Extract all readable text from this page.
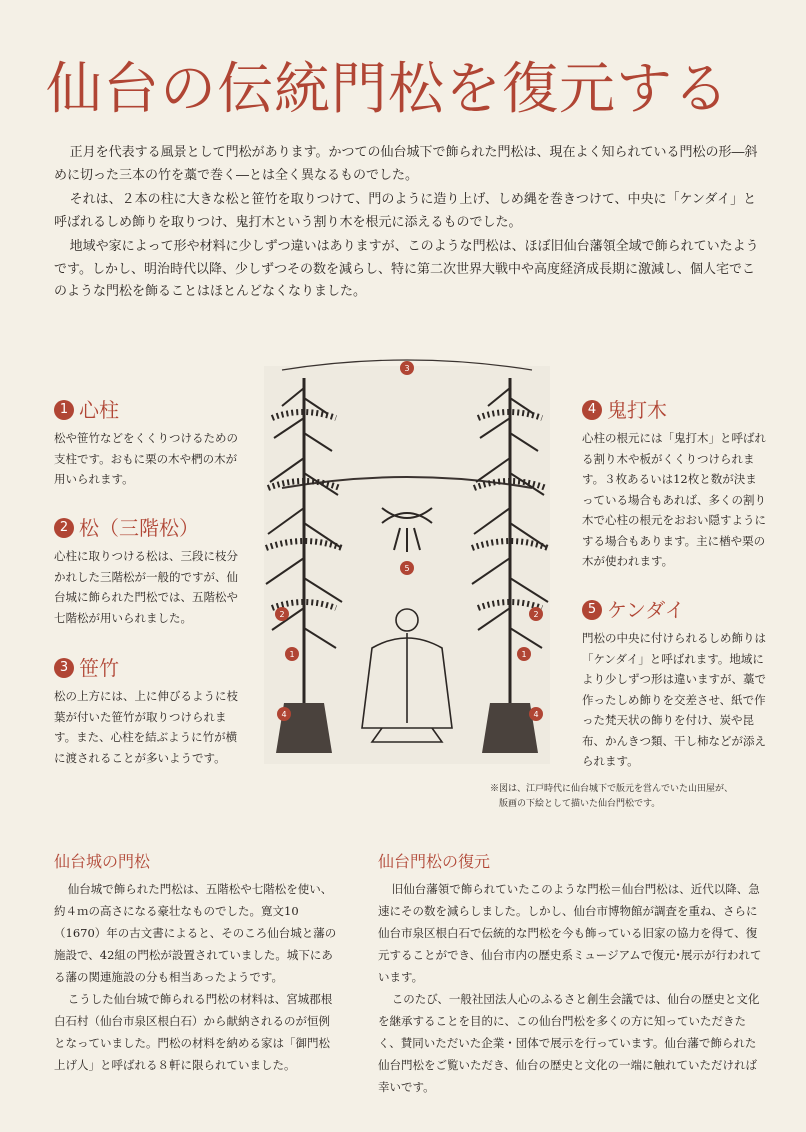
仙台の伝統門松を復元する

正月を代表する風景として門松があります。かつての仙台城下で飾られた門松は、現在よく知られている門松の形―斜めに切った三本の竹を藁で巻く―とは全く異なるものでした。

それは、２本の柱に大きな松と笹竹を取りつけて、門のように造り上げ、しめ縄を巻きつけて、中央に「ケンダイ」と呼ばれるしめ飾りを取りつけ、鬼打木という割り木を根元に添えるものでした。

地域や家によって形や材料に少しずつ違いはありますが、このような門松は、ほぼ旧仙台藩領全域で飾られていたようです。しかし、明治時代以降、少しずつその数を減らし、特に第二次世界大戦中や高度経済成長期に激減し、個人宅でこのような門松を飾ることはほとんどなくなりました。

1 心柱

松や笹竹などをくくりつけるための支柱です。おもに栗の木や椚の木が用いられます。

2 松（三階松）

心柱に取りつける松は、三段に枝分かれした三階松が一般的ですが、仙台城に飾られた門松では、五階松や七階松が用いられました。

3 笹竹

松の上方には、上に伸びるように枝葉が付いた笹竹が取りつけられます。また、心柱を結ぶように竹が横に渡されることが多いようです。

4 鬼打木

心柱の根元には「鬼打木」と呼ばれる割り木や板がくくりつけられます。３枚あるいは12枚と数が決まっている場合もあれば、多くの割り木で心柱の根元をおおい隠すようにする場合もあります。主に楢や栗の木が使われます。

5 ケンダイ

門松の中央に付けられるしめ飾りは「ケンダイ」と呼ばれます。地域により少しずつ形は違いますが、藁で作ったしめ飾りを交差させ、紙で作った梵天状の飾りを付け、炭や昆布、かんきつ類、干し柿などが添えられます。

3
5
2	2
1	1
4	4

※図は、江戸時代に仙台城下で版元を営んでいた山田屋が、

版画の下絵として描いた仙台門松です。

仙台城の門松

仙台城で飾られた門松は、五階松や七階松を使い、約４ｍの高さになる豪壮なものでした。寛文10（1670）年の古文書によると、そのころ仙台城と藩の施設で、42組の門松が設置されていました。城下にある藩の関連施設の分も相当あったようです。

こうした仙台城で飾られる門松の材料は、宮城郡根白石村（仙台市泉区根白石）から献納されるのが恒例となっていました。門松の材料を納める家は「御門松上げ人」と呼ばれる８軒に限られていました。

仙台門松の復元

旧仙台藩領で飾られていたこのような門松＝仙台門松は、近代以降、急速にその数を減らしました。しかし、仙台市博物館が調査を重ね、さらに仙台市泉区根白石で伝統的な門松を今も飾っている旧家の協力を得て、復元することができ、仙台市内の歴史系ミュージアムで復元･展示が行われています。

このたび、一般社団法人心のふるさと創生会議では、仙台の歴史と文化を継承することを目的に、この仙台門松を多くの方に知っていただきたく、賛同いただいた企業・団体で展示を行っています。仙台藩で飾られた仙台門松をご覧いただき、仙台の歴史と文化の一端に触れていただければ幸いです。
